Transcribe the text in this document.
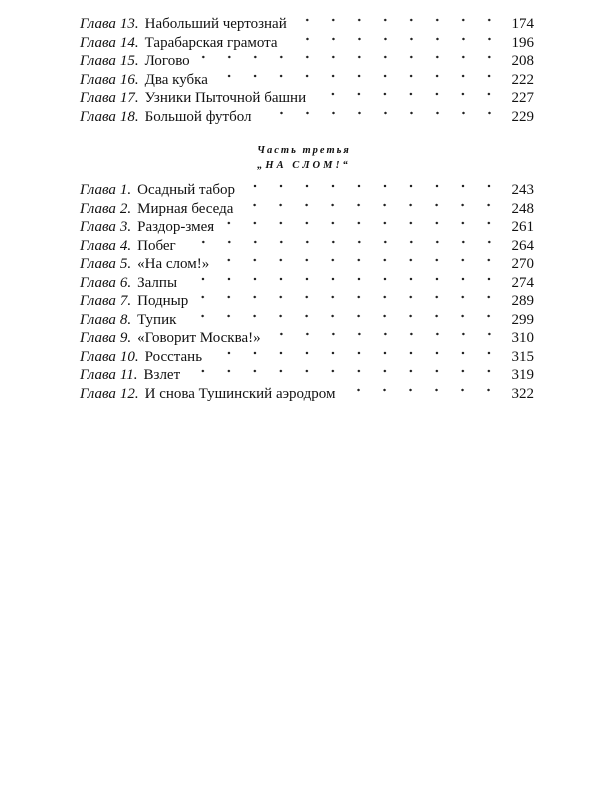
Глава 13. Набольший чертознай	174
Глава 14. Тарабарская грамота	196
Глава 15. Логово	208
Глава 16. Два кубка	222
Глава 17. Узники Пыточной башни	227
Глава 18. Большой футбол	229
Часть третья
„НА СЛОМ!“
Глава 1. Осадный табор	243
Глава 2. Мирная беседа	248
Глава 3. Раздор-змея	261
Глава 4. Побег	264
Глава 5. «На слом!»	270
Глава 6. Залпы	274
Глава 7. Подныр	289
Глава 8. Тупик	299
Глава 9. «Говорит Москва!»	310
Глава 10. Росстань	315
Глава 11. Взлет	319
Глава 12. И снова Тушинский аэродром	322
